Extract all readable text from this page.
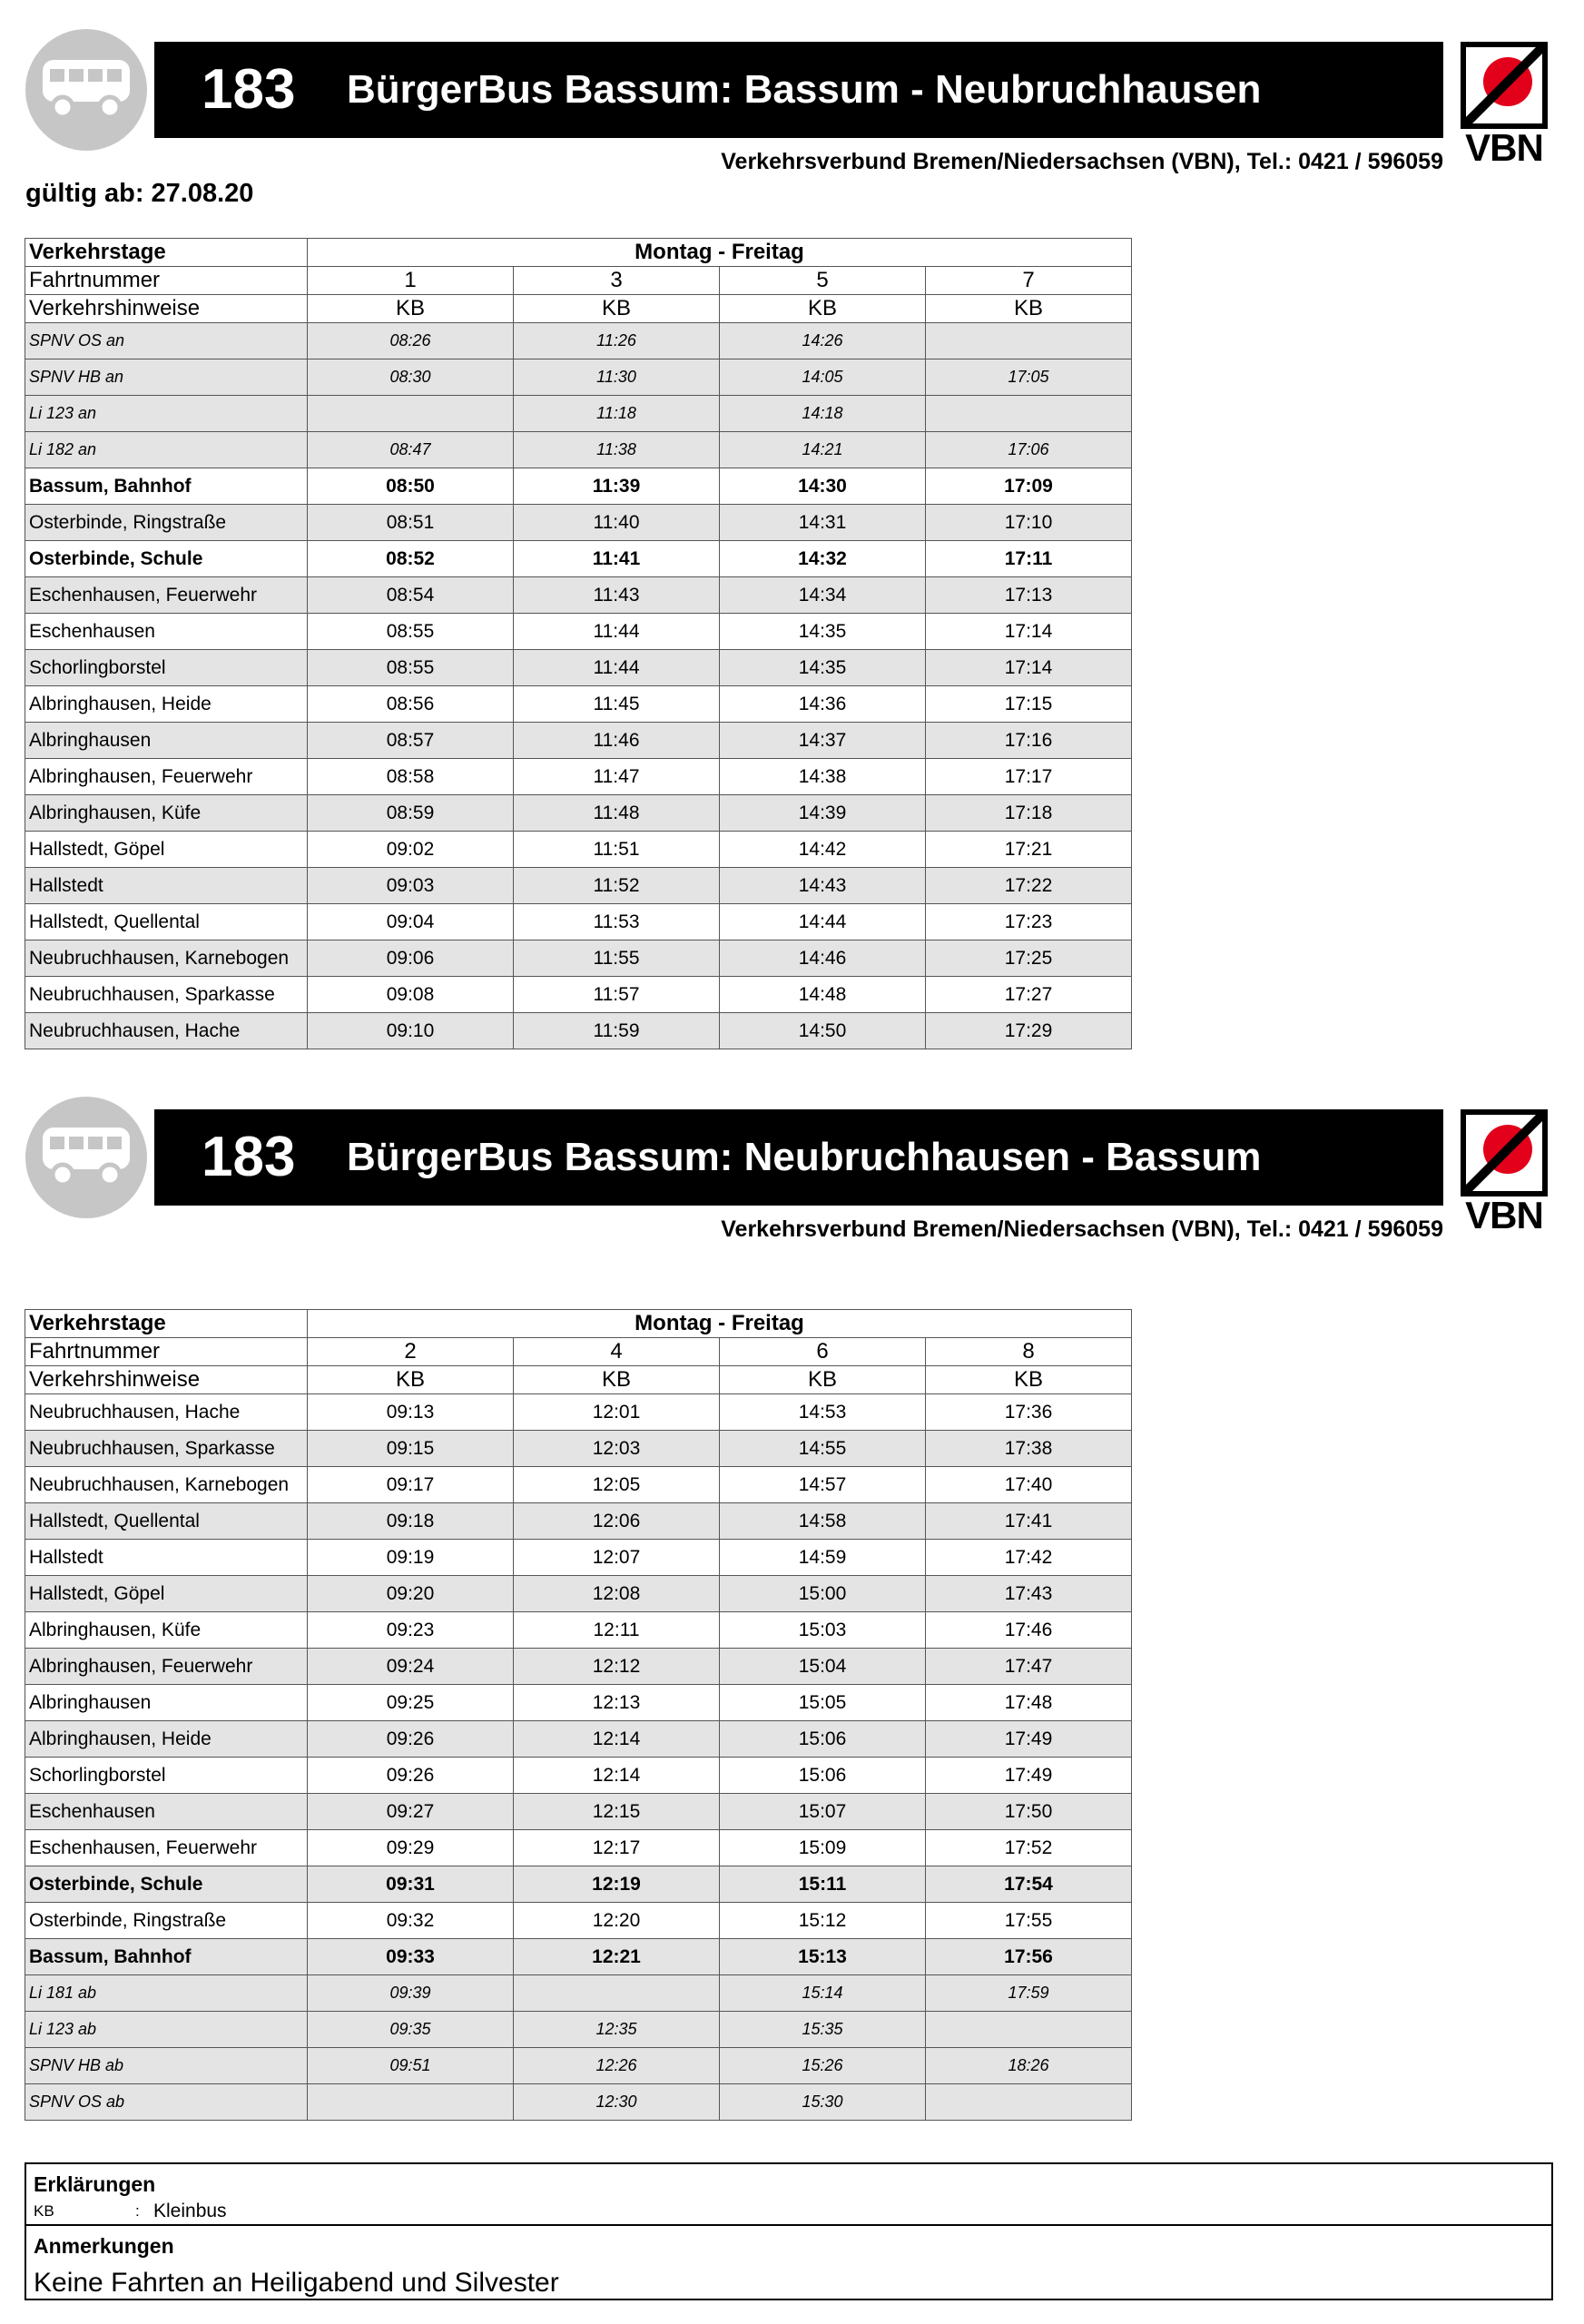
183 BürgerBus Bassum: Bassum - Neubruchhausen
VBN
Verkehrsverbund Bremen/Niedersachsen (VBN), Tel.: 0421 / 596059
gültig ab: 27.08.20
Verkehrstage	Montag - Freitag			
Fahrtnummer	1	3	5	7
Verkehrshinweise	KB	KB	KB	KB
SPNV OS an	08:26	11:26	14:26	
SPNV HB an	08:30	11:30	14:05	17:05
Li 123 an		11:18	14:18	
Li 182 an	08:47	11:38	14:21	17:06
Bassum, Bahnhof	08:50	11:39	14:30	17:09
Osterbinde, Ringstraße	08:51	11:40	14:31	17:10
Osterbinde, Schule	08:52	11:41	14:32	17:11
Eschenhausen, Feuerwehr	08:54	11:43	14:34	17:13
Eschenhausen	08:55	11:44	14:35	17:14
Schorlingborstel	08:55	11:44	14:35	17:14
Albringhausen, Heide	08:56	11:45	14:36	17:15
Albringhausen	08:57	11:46	14:37	17:16
Albringhausen, Feuerwehr	08:58	11:47	14:38	17:17
Albringhausen, Küfe	08:59	11:48	14:39	17:18
Hallstedt, Göpel	09:02	11:51	14:42	17:21
Hallstedt	09:03	11:52	14:43	17:22
Hallstedt, Quellental	09:04	11:53	14:44	17:23
Neubruchhausen, Karnebogen	09:06	11:55	14:46	17:25
Neubruchhausen, Sparkasse	09:08	11:57	14:48	17:27
Neubruchhausen, Hache	09:10	11:59	14:50	17:29
183 BürgerBus Bassum: Neubruchhausen - Bassum
VBN
Verkehrsverbund Bremen/Niedersachsen (VBN), Tel.: 0421 / 596059
Verkehrstage	Montag - Freitag			
Fahrtnummer	2	4	6	8
Verkehrshinweise	KB	KB	KB	KB
Neubruchhausen, Hache	09:13	12:01	14:53	17:36
Neubruchhausen, Sparkasse	09:15	12:03	14:55	17:38
Neubruchhausen, Karnebogen	09:17	12:05	14:57	17:40
Hallstedt, Quellental	09:18	12:06	14:58	17:41
Hallstedt	09:19	12:07	14:59	17:42
Hallstedt, Göpel	09:20	12:08	15:00	17:43
Albringhausen, Küfe	09:23	12:11	15:03	17:46
Albringhausen, Feuerwehr	09:24	12:12	15:04	17:47
Albringhausen	09:25	12:13	15:05	17:48
Albringhausen, Heide	09:26	12:14	15:06	17:49
Schorlingborstel	09:26	12:14	15:06	17:49
Eschenhausen	09:27	12:15	15:07	17:50
Eschenhausen, Feuerwehr	09:29	12:17	15:09	17:52
Osterbinde, Schule	09:31	12:19	15:11	17:54
Osterbinde, Ringstraße	09:32	12:20	15:12	17:55
Bassum, Bahnhof	09:33	12:21	15:13	17:56
Li 181 ab	09:39		15:14	17:59
Li 123 ab	09:35	12:35	15:35	
SPNV HB ab	09:51	12:26	15:26	18:26
SPNV OS ab		12:30	15:30	
Erklärungen
KB	: Kleinbus
Anmerkungen
Keine Fahrten an Heiligabend und Silvester
